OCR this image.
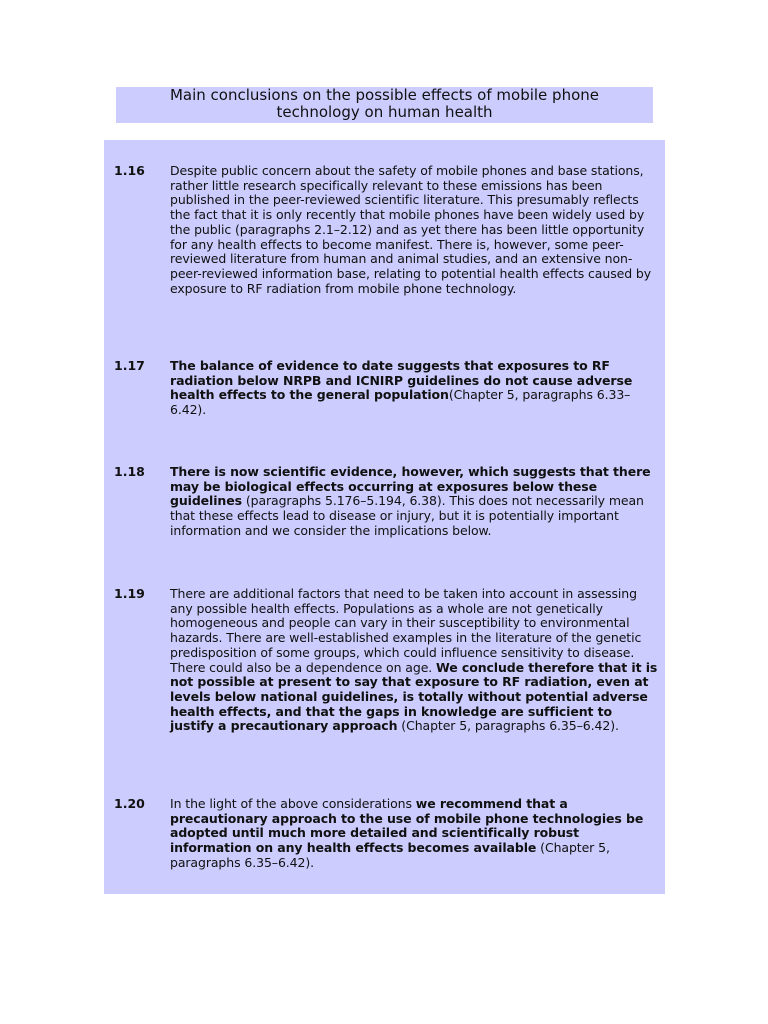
Main conclusions on the possible effects of mobile phone
technology on human health
1.16 Despite public concern about the safety of mobile phones and base stations, rather little research specifically relevant to these emissions has been published in the peer-reviewed scientific literature. This presumably reflects the fact that it is only recently that mobile phones have been widely used by the public (paragraphs 2.1–2.12) and as yet there has been little opportunity for any health effects to become manifest. There is, however, some peer-reviewed literature from human and animal studies, and an extensive non-peer-reviewed information base, relating to potential health effects caused by exposure to RF radiation from mobile phone technology.
1.17 The balance of evidence to date suggests that exposures to RF radiation below NRPB and ICNIRP guidelines do not cause adverse health effects to the general population(Chapter 5, paragraphs 6.33–6.42).
1.18 There is now scientific evidence, however, which suggests that there may be biological effects occurring at exposures below these guidelines (paragraphs 5.176–5.194, 6.38). This does not necessarily mean that these effects lead to disease or injury, but it is potentially important information and we consider the implications below.
1.19 There are additional factors that need to be taken into account in assessing any possible health effects. Populations as a whole are not genetically homogeneous and people can vary in their susceptibility to environmental hazards. There are well-established examples in the literature of the genetic predisposition of some groups, which could influence sensitivity to disease. There could also be a dependence on age. We conclude therefore that it is not possible at present to say that exposure to RF radiation, even at levels below national guidelines, is totally without potential adverse health effects, and that the gaps in knowledge are sufficient to justify a precautionary approach (Chapter 5, paragraphs 6.35–6.42).
1.20 In the light of the above considerations we recommend that a precautionary approach to the use of mobile phone technologies be adopted until much more detailed and scientifically robust information on any health effects becomes available (Chapter 5, paragraphs 6.35–6.42).
